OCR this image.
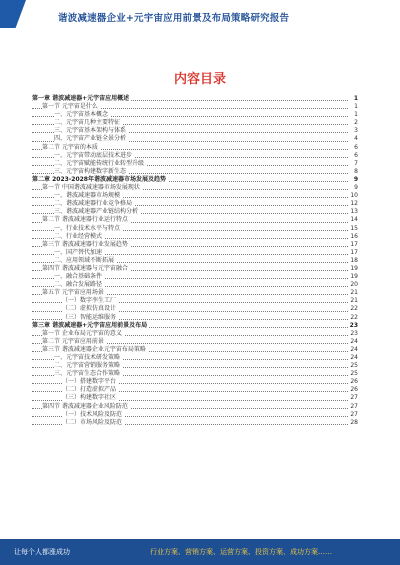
谐波减速器企业+元宇宙应用前景及布局策略研究报告
内容目录
第一章 谐波减速器+元宇宙应用概述	1
第一节 元宇宙是什么	1
一、元宇宙基本概念	1
二、元宇宙几种主要特征	2
三、元宇宙基本架构与体系	3
四、元宇宙产业链全景分析	4
第二节 元宇宙的本质	6
一、元宇宙带动底层技术进步	6
二、元宇宙赋能传统行业转型升级	7
三、元宇宙构建数字新生态	8
第二章 2023-2028年谐波减速器市场发展及趋势	9
第一节 中国谐波减速器市场发展现状	9
一、谐波减速器市场规模	10
二、谐波减速器行业竞争格局	12
三、谐波减速器产业链结构分析	13
第二节 谐波减速器行业运行特点	14
一、行业技术水平与特点	15
二、行业经营模式	16
第三节 谐波减速器行业发展趋势	17
一、国产替代加速	17
二、应用领域不断拓展	18
第四节 谐波减速器与元宇宙融合	19
一、融合基础条件	19
二、融合发展路径	20
第五节 元宇宙应用场景	21
（一）数字孪生工厂	21
（二）虚拟仿真设计	22
（三）智能运维服务	22
第三章 谐波减速器+元宇宙应用前景及布局	23
第一节 企业布局元宇宙的意义	23
第二节 元宇宙应用前景	24
第三节 谐波减速器企业元宇宙布局策略	24
一、元宇宙技术研发策略	24
二、元宇宙营销服务策略	25
三、元宇宙生态合作策略	25
（一）搭建数字平台	26
（二）打造虚拟产品	26
（三）构建数字社区	27
第四节 谐波减速器企业风险防范	27
（一）技术风险及防范	27
（二）市场风险及防范	28
让每个人都涨成功	行业方案、营销方案、运营方案、投资方案、成功方案……
